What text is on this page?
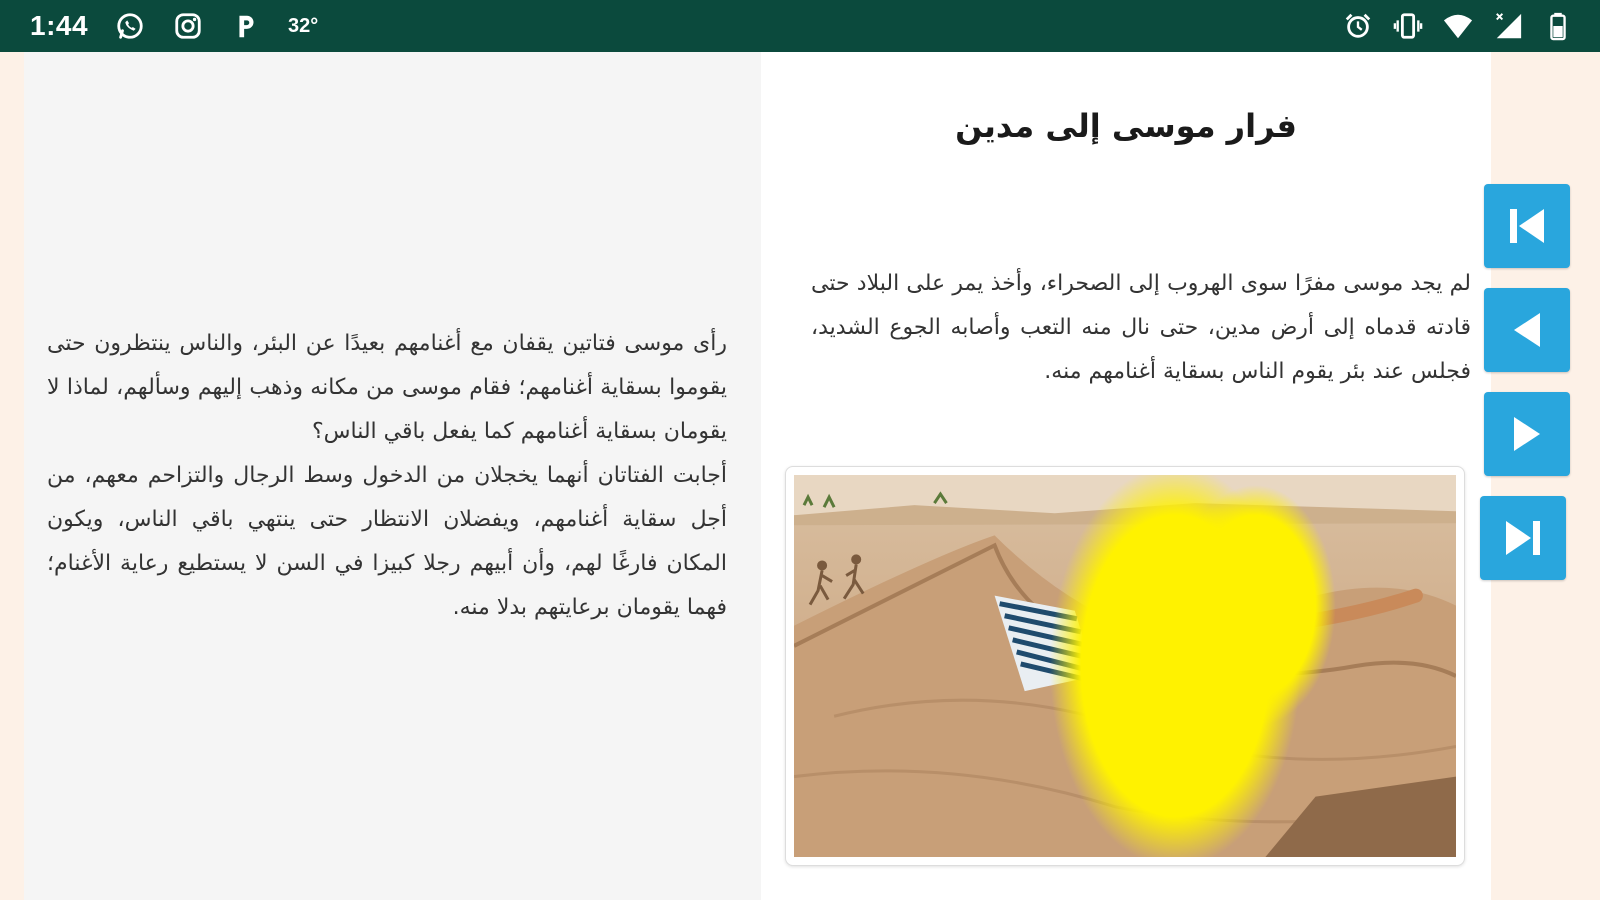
1:44	32°

رأى موسى فتاتين يقفان مع أغنامهم بعيدًا عن البئر، والناس ينتظرون حتى يقوموا بسقاية أغنامهم؛ فقام موسى من مكانه وذهب إليهم وسألهم، لماذا لا يقومان بسقاية أغنامهم كما يفعل باقي الناس؟

أجابت الفتاتان أنهما يخجلان من الدخول وسط الرجال والتزاحم معهم، من أجل سقاية أغنامهم، ويفضلان الانتظار حتى ينتهي باقي الناس، ويكون المكان فارغًا لهم، وأن أبيهم رجلا كبيزا في السن لا يستطيع رعاية الأغنام؛ فهما يقومان برعايتهم بدلا منه.

فرار موسى إلى مدين

لم يجد موسى مفرًا سوى الهروب إلى الصحراء، وأخذ يمر على البلاد حتى قادته قدماه إلى أرض مدين، حتى نال منه التعب وأصابه الجوع الشديد، فجلس عند بئر يقوم الناس بسقاية أغنامهم منه.
